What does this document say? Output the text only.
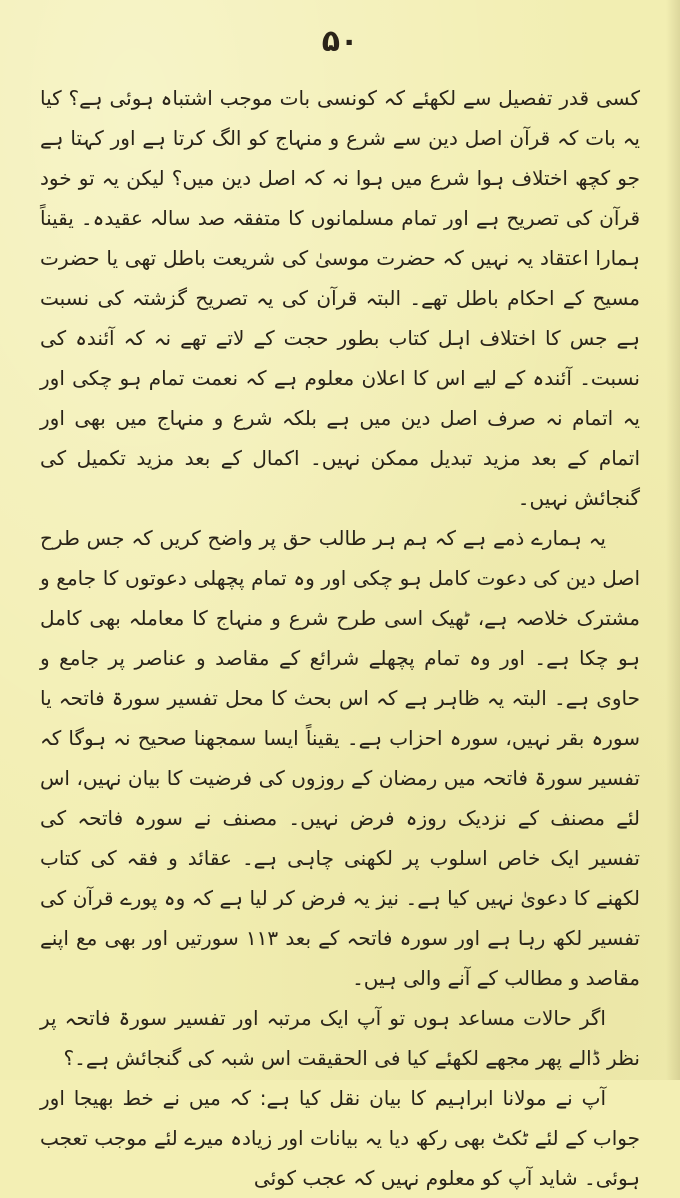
۵۰

کسی قدر تفصیل سے لکھئے کہ کونسی بات موجب اشتباہ ہوئی ہے؟ کیا یہ بات کہ قرآن اصل دین سے شرع و منہاج کو الگ کرتا ہے اور کہتا ہے جو کچھ اختلاف ہوا شرع میں ہوا نہ کہ اصل دین میں؟ لیکن یہ تو خود قرآن کی تصریح ہے اور تمام مسلمانوں کا متفقہ صد سالہ عقیدہ۔ یقیناً ہمارا اعتقاد یہ نہیں کہ حضرت موسیٰ کی شریعت باطل تھی یا حضرت مسیح کے احکام باطل تھے۔ البتہ قرآن کی یہ تصریح گزشتہ کی نسبت ہے جس کا اختلاف اہل کتاب بطور حجت کے لاتے تھے نہ کہ آئندہ کی نسبت۔ آئندہ کے لیے اس کا اعلان معلوم ہے کہ نعمت تمام ہو چکی اور یہ اتمام نہ صرف اصل دین میں ہے بلکہ شرع و منہاج میں بھی اور اتمام کے بعد مزید تبدیل ممکن نہیں۔ اکمال کے بعد مزید تکمیل کی گنجائش نہیں۔

یہ ہمارے ذمے ہے کہ ہم ہر طالب حق پر واضح کریں کہ جس طرح اصل دین کی دعوت کامل ہو چکی اور وہ تمام پچھلی دعوتوں کا جامع و مشترک خلاصہ ہے، ٹھیک اسی طرح شرع و منہاج کا معاملہ بھی کامل ہو چکا ہے۔ اور وہ تمام پچھلے شرائع کے مقاصد و عناصر پر جامع و حاوی ہے۔ البتہ یہ ظاہر ہے کہ اس بحث کا محل تفسیر سورۃ فاتحہ یا سورہ بقر نہیں، سورہ احزاب ہے۔ یقیناً ایسا سمجھنا صحیح نہ ہوگا کہ تفسیر سورۃ فاتحہ میں رمضان کے روزوں کی فرضیت کا بیان نہیں، اس لئے مصنف کے نزدیک روزہ فرض نہیں۔ مصنف نے سورہ فاتحہ کی تفسیر ایک خاص اسلوب پر لکھنی چاہی ہے۔ عقائد و فقہ کی کتاب لکھنے کا دعویٰ نہیں کیا ہے۔ نیز یہ فرض کر لیا ہے کہ وہ پورے قرآن کی تفسیر لکھ رہا ہے اور سورہ فاتحہ کے بعد ۱۱۳ سورتیں اور بھی مع اپنے مقاصد و مطالب کے آنے والی ہیں۔

اگر حالات مساعد ہوں تو آپ ایک مرتبہ اور تفسیر سورۃ فاتحہ پر نظر ڈالے پھر مجھے لکھئے کیا فی الحقیقت اس شبہ کی گنجائش ہے۔؟

آپ نے مولانا ابراہیم کا بیان نقل کیا ہے: کہ میں نے خط بھیجا اور جواب کے لئے ٹکٹ بھی رکھ دیا یہ بیانات اور زیادہ میرے لئے موجب تعجب ہوئی۔ شاید آپ کو معلوم نہیں کہ عجب کوئی
